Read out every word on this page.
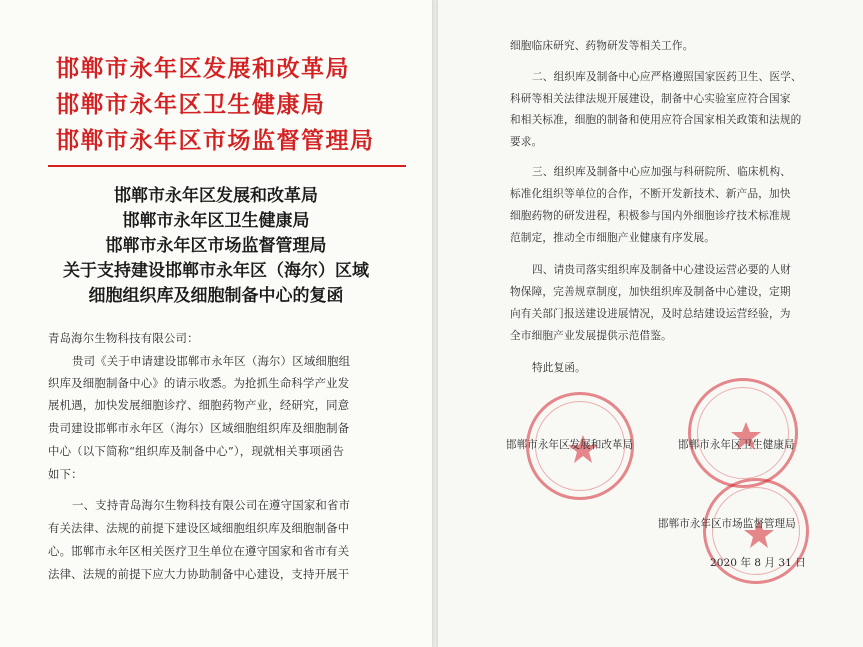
邯郸市永年区发展和改革局
邯郸市永年区卫生健康局
邯郸市永年区市场监督管理局
邯郸市永年区发展和改革局
邯郸市永年区卫生健康局
邯郸市永年区市场监督管理局
关于支持建设邯郸市永年区（海尔）区域
细胞组织库及细胞制备中心的复函
青岛海尔生物科技有限公司：
贵司《关于申请建设邯郸市永年区（海尔）区域细胞组
织库及细胞制备中心》的请示收悉。为抢抓生命科学产业发
展机遇，加快发展细胞诊疗、细胞药物产业，经研究，同意
贵司建设邯郸市永年区（海尔）区域细胞组织库及细胞制备
中心（以下简称“组织库及制备中心”），现就相关事项函告
如下：
一、支持青岛海尔生物科技有限公司在遵守国家和省市
有关法律、法规的前提下建设区域细胞组织库及细胞制备中
心。邯郸市永年区相关医疗卫生单位在遵守国家和省市有关
法律、法规的前提下应大力协助制备中心建设，支持开展干
细胞临床研究、药物研发等相关工作。
二、组织库及制备中心应严格遵照国家医药卫生、医学、
科研等相关法律法规开展建设，制备中心实验室应符合国家
和相关标准，细胞的制备和使用应符合国家相关政策和法规的
要求。
三、组织库及制备中心应加强与科研院所、临床机构、
标准化组织等单位的合作，不断开发新技术、新产品，加快
细胞药物的研发进程，积极参与国内外细胞诊疗技术标准规
范制定，推动全市细胞产业健康有序发展。
四、请贵司落实组织库及制备中心建设运营必要的人财
物保障，完善规章制度，加快组织库及制备中心建设，定期
向有关部门报送建设进展情况，及时总结建设运营经验，为
全市细胞产业发展提供示范借鉴。
特此复函。
邯郸市永年区发展和改革局	邯郸市永年区卫生健康局
邯郸市永年区市场监督管理局
2020 年 8 月 31 日
